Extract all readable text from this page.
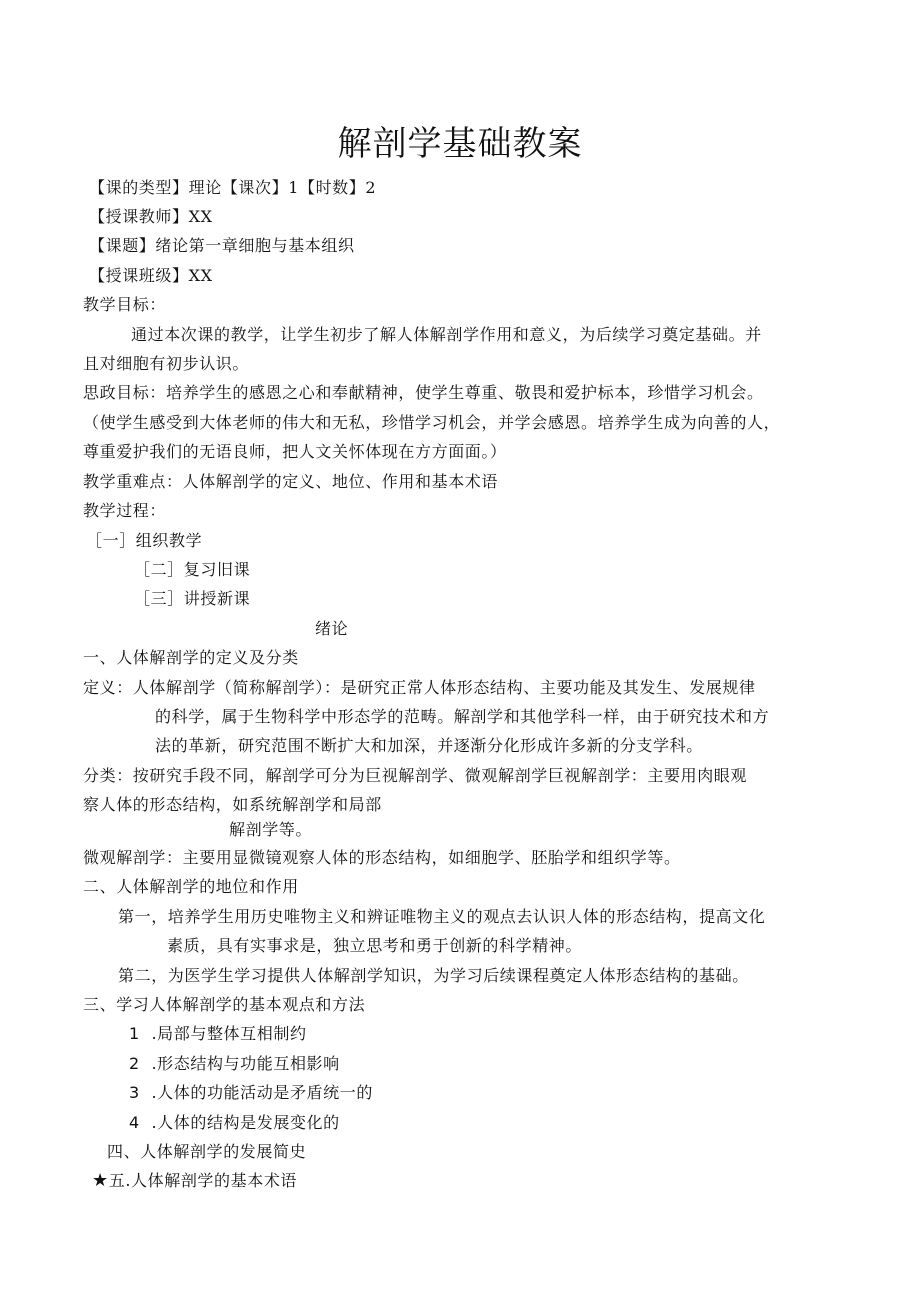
解剖学基础教案
【课的类型】理论【课次】1【时数】2
【授课教师】XX
【课题】绪论第一章细胞与基本组织
【授课班级】XX
教学目标：
通过本次课的教学，让学生初步了解人体解剖学作用和意义，为后续学习奠定基础。并
且对细胞有初步认识。
思政目标：培养学生的感恩之心和奉献精神，使学生尊重、敬畏和爱护标本，珍惜学习机会。
（使学生感受到大体老师的伟大和无私，珍惜学习机会，并学会感恩。培养学生成为向善的人，
尊重爱护我们的无语良师，把人文关怀体现在方方面面。）
教学重难点：人体解剖学的定义、地位、作用和基本术语
教学过程：
［一］组织教学
［二］复习旧课
［三］讲授新课
绪论
一、人体解剖学的定义及分类
定义：人体解剖学（简称解剖学）：是研究正常人体形态结构、主要功能及其发生、发展规律
的科学，属于生物科学中形态学的范畴。解剖学和其他学科一样，由于研究技术和方
法的革新，研究范围不断扩大和加深，并逐渐分化形成许多新的分支学科。
分类：按研究手段不同，解剖学可分为巨视解剖学、微观解剖学巨视解剖学：主要用肉眼观
察人体的形态结构，如系统解剖学和局部
解剖学等。
微观解剖学：主要用显微镜观察人体的形态结构，如细胞学、胚胎学和组织学等。
二、人体解剖学的地位和作用
第一，培养学生用历史唯物主义和辨证唯物主义的观点去认识人体的形态结构，提高文化
素质，具有实事求是，独立思考和勇于创新的科学精神。
第二，为医学生学习提供人体解剖学知识，为学习后续课程奠定人体形态结构的基础。
三、学习人体解剖学的基本观点和方法
1 .局部与整体互相制约
2 .形态结构与功能互相影响
3 .人体的功能活动是矛盾统一的
4 .人体的结构是发展变化的
四、人体解剖学的发展简史
★五.人体解剖学的基本术语
